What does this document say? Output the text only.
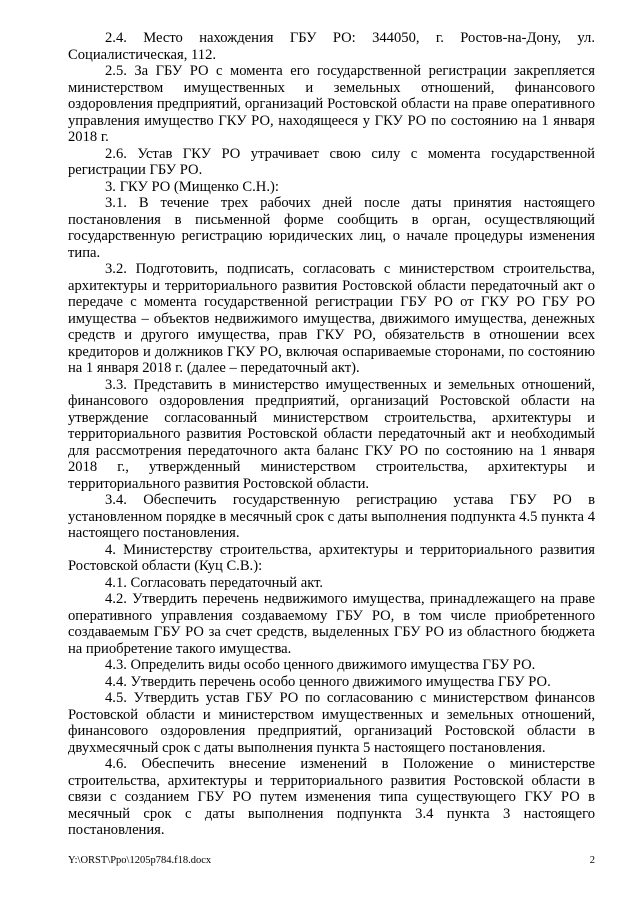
2.4. Место нахождения ГБУ РО: 344050, г. Ростов-на-Дону, ул. Социалистическая, 112.

2.5. За ГБУ РО с момента его государственной регистрации закрепляется министерством имущественных и земельных отношений, финансового оздоровления предприятий, организаций Ростовской области на праве оперативного управления имущество ГКУ РО, находящееся у ГКУ РО по состоянию на 1 января 2018 г.

2.6. Устав ГКУ РО утрачивает свою силу с момента государственной регистрации ГБУ РО.

3. ГКУ РО (Мищенко С.Н.):

3.1. В течение трех рабочих дней после даты принятия настоящего постановления в письменной форме сообщить в орган, осуществляющий государственную регистрацию юридических лиц, о начале процедуры изменения типа.

3.2. Подготовить, подписать, согласовать с министерством строительства, архитектуры и территориального развития Ростовской области передаточный акт о передаче с момента государственной регистрации ГБУ РО от ГКУ РО ГБУ РО имущества – объектов недвижимого имущества, движимого имущества, денежных средств и другого имущества, прав ГКУ РО, обязательств в отношении всех кредиторов и должников ГКУ РО, включая оспариваемые сторонами, по состоянию на 1 января 2018 г. (далее – передаточный акт).

3.3. Представить в министерство имущественных и земельных отношений, финансового оздоровления предприятий, организаций Ростовской области на утверждение согласованный министерством строительства, архитектуры и территориального развития Ростовской области передаточный акт и необходимый для рассмотрения передаточного акта баланс ГКУ РО по состоянию на 1 января 2018 г., утвержденный министерством строительства, архитектуры и территориального развития Ростовской области.

3.4. Обеспечить государственную регистрацию устава ГБУ РО в установленном порядке в месячный срок с даты выполнения подпункта 4.5 пункта 4 настоящего постановления.

4. Министерству строительства, архитектуры и территориального развития Ростовской области (Куц С.В.):

4.1. Согласовать передаточный акт.

4.2. Утвердить перечень недвижимого имущества, принадлежащего на праве оперативного управления создаваемому ГБУ РО, в том числе приобретенного создаваемым ГБУ РО за счет средств, выделенных ГБУ РО из областного бюджета на приобретение такого имущества.

4.3. Определить виды особо ценного движимого имущества ГБУ РО.

4.4. Утвердить перечень особо ценного движимого имущества ГБУ РО.

4.5. Утвердить устав ГБУ РО по согласованию с министерством финансов Ростовской области и министерством имущественных и земельных отношений, финансового оздоровления предприятий, организаций Ростовской области в двухмесячный срок с даты выполнения пункта 5 настоящего постановления.

4.6. Обеспечить внесение изменений в Положение о министерстве строительства, архитектуры и территориального развития Ростовской области в связи с созданием ГБУ РО путем изменения типа существующего ГКУ РО в месячный срок с даты выполнения подпункта 3.4 пункта 3 настоящего постановления.

Y:\ORST\Ppo\1205p784.f18.docx	2
